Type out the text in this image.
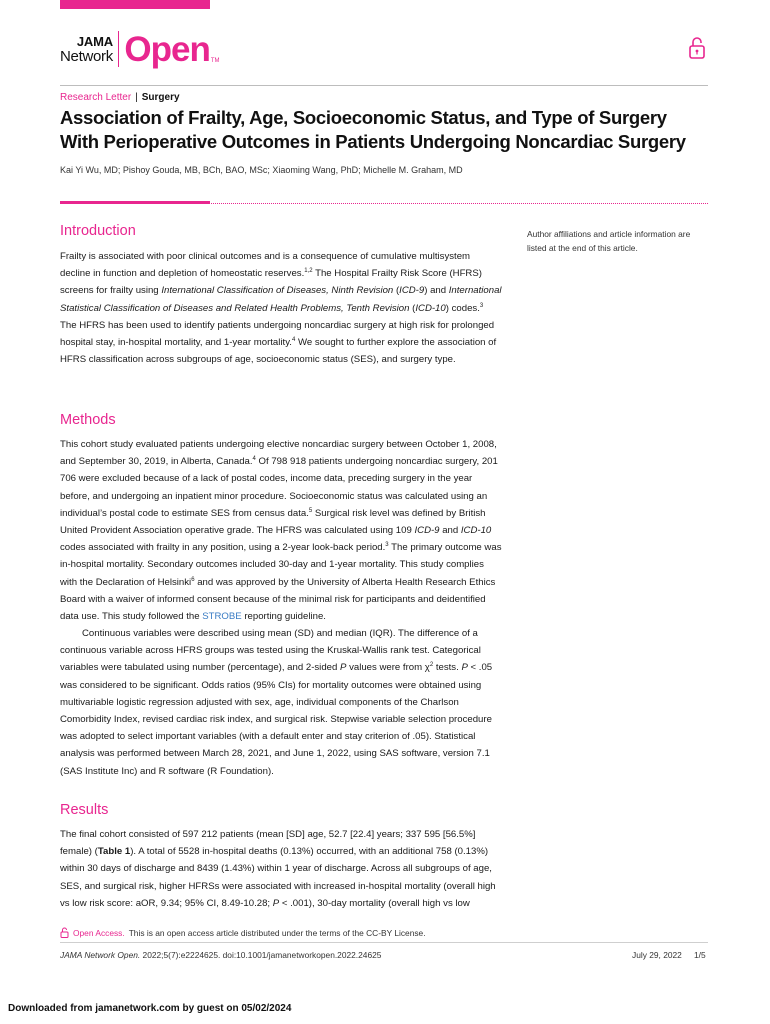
JAMA
Network Open TM
Research Letter | Surgery
Association of Frailty, Age, Socioeconomic Status, and Type of Surgery With Perioperative Outcomes in Patients Undergoing Noncardiac Surgery
Kai Yi Wu, MD; Pishoy Gouda, MB, BCh, BAO, MSc; Xiaoming Wang, PhD; Michelle M. Graham, MD

Author affiliations and article information are listed at the end of this article.

Introduction

Frailty is associated with poor clinical outcomes and is a consequence of cumulative multisystem decline in function and depletion of homeostatic reserves.$^{1,2}$ The Hospital Frailty Risk Score (HFRS) screens for frailty using International Classification of Diseases, Ninth Revision (ICD-9) and International Statistical Classification of Diseases and Related Health Problems, Tenth Revision (ICD-10) codes.$^3$ The HFRS has been used to identify patients undergoing noncardiac surgery at high risk for prolonged hospital stay, in-hospital mortality, and 1-year mortality.$^4$ We sought to further explore the association of HFRS classification across subgroups of age, socioeconomic status (SES), and surgery type.

Methods

This cohort study evaluated patients undergoing elective noncardiac surgery between October 1, 2008, and September 30, 2019, in Alberta, Canada.$^4$ Of 798 918 patients undergoing noncardiac surgery, 201 706 were excluded because of a lack of postal codes, income data, preceding surgery in the year before, and undergoing an inpatient minor procedure. Socioeconomic status was calculated using an individual’s postal code to estimate SES from census data.$^5$ Surgical risk level was defined by British United Provident Association operative grade. The HFRS was calculated using 109 ICD-9 and ICD-10 codes associated with frailty in any position, using a 2-year look-back period.$^3$ The primary outcome was in-hospital mortality. Secondary outcomes included 30-day and 1-year mortality. This study complies with the Declaration of Helsinki$^6$ and was approved by the University of Alberta Health Research Ethics Board with a waiver of informed consent because of the minimal risk for participants and deidentified data use. This study followed the STROBE reporting guideline.

Continuous variables were described using mean (SD) and median (IQR). The difference of a continuous variable across HFRS groups was tested using the Kruskal-Wallis rank test. Categorical variables were tabulated using number (percentage), and 2-sided P values were from $\chi^2$ tests. P < .05 was considered to be significant. Odds ratios (95% CIs) for mortality outcomes were obtained using multivariable logistic regression adjusted with sex, age, individual components of the Charlson Comorbidity Index, revised cardiac risk index, and surgical risk. Stepwise variable selection procedure was adopted to select important variables (with a default enter and stay criterion of .05). Statistical analysis was performed between March 28, 2021, and June 1, 2022, using SAS software, version 7.1 (SAS Institute Inc) and R software (R Foundation).

Results

The final cohort consisted of 597 212 patients (mean [SD] age, 52.7 [22.4] years; 337 595 [56.5%] female) (Table 1). A total of 5528 in-hospital deaths (0.13%) occurred, with an additional 758 (0.13%) within 30 days of discharge and 8439 (1.43%) within 1 year of discharge. Across all subgroups of age, SES, and surgical risk, higher HFRSs were associated with increased in-hospital mortality (overall high vs low risk score: aOR, 9.34; 95% CI, 8.49-10.28; P < .001), 30-day mortality (overall high vs low

Open Access. This is an open access article distributed under the terms of the CC-BY License.
JAMA Network Open. 2022;5(7):e2224625. doi:10.1001/jamanetworkopen.2022.24625	July 29, 2022 1/5
Downloaded from jamanetwork.com by guest on 05/02/2024
